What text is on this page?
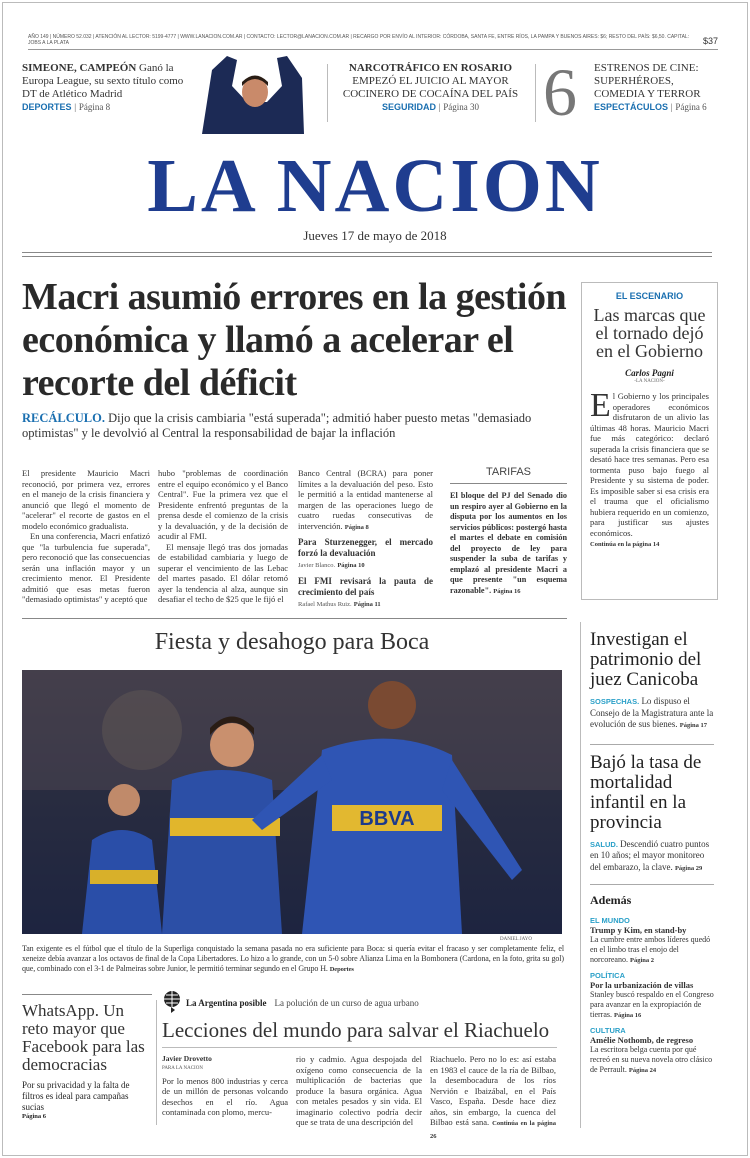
AÑO 149 | NÚMERO 52.032 | ATENCIÓN AL LECTOR: 5199-4777 | WWW.LANACION.COM.AR | CONTACTO: LECTOR@LANACION.COM.AR | RECARGO POR ENVÍO AL INTERIOR: CÓRDOBA, SANTA FE, ENTRE RÍOS, LA PAMPA Y BUENOS AIRES: $6; RESTO DEL PAÍS: $6,50. CAPITAL: JOBS A LA PLATA	$37
SIMEONE, CAMPEÓN Ganó la Europa League, su sexto título como DT de Atlético Madrid
DEPORTES | Página 8
NARCOTRÁFICO EN ROSARIO
EMPEZÓ EL JUICIO AL MAYOR COCINERO DE COCAÍNA DEL PAÍS
SEGURIDAD | Página 30 6 ESTRENOS DE CINE: SUPERHÉROES, COMEDIA Y TERROR
ESPECTÁCULOS | Página 6
LA NACION
Jueves 17 de mayo de 2018
Macri asumió errores en la gestión económica y llamó a acelerar el recorte del déficit
RECÁLCULO. Dijo que la crisis cambiaria "está superada"; admitió haber puesto metas "demasiado optimistas" y le devolvió al Central la responsabilidad de bajar la inflación

El presidente Mauricio Macri reconoció, por primera vez, errores en el manejo de la crisis financiera y anunció que llegó el momento de "acelerar" el recorte de gastos en el modelo económico gradualista.

En una conferencia, Macri enfatizó que "la turbulencia fue superada", pero reconoció que las consecuencias serán una inflación mayor y un crecimiento menor. El Presidente admitió que esas metas fueron "demasiado optimistas" y aceptó que

hubo "problemas de coordinación entre el equipo económico y el Banco Central". Fue la primera vez que el Presidente enfrentó preguntas de la prensa desde el comienzo de la crisis y la devaluación, y de la decisión de acudir al FMI.

El mensaje llegó tras dos jornadas de estabilidad cambiaria y luego de superar el vencimiento de las Lebac del martes pasado. El dólar retomó ayer la tendencia al alza, aunque sin desafiar el techo de $25 que le fijó el

Banco Central (BCRA) para poner límites a la devaluación del peso. Esto le permitió a la entidad mantenerse al margen de las operaciones luego de cuatro ruedas consecutivas de intervención. Página 8

Para Sturzenegger, el mercado forzó la devaluación

Javier Blanco. Página 10

El FMI revisará la pauta de crecimiento del país

Rafael Mathus Ruiz. Página 11

TARIFAS

El bloque del PJ del Senado dio un respiro ayer al Gobierno en la disputa por los aumentos en los servicios públicos: postergó hasta el martes el debate en comisión del proyecto de ley para suspender la suba de tarifas y emplazó al presidente Macri a que presente "un esquema razonable". Página 16

EL ESCENARIO
Las marcas que el tornado dejó en el Gobierno
Carlos Pagni
-LA NACION-
El Gobierno y los principales operadores económicos disfrutaron de un alivio las últimas 48 horas. Mauricio Macri fue más categórico: declaró superada la crisis financiera que se desató hace tres semanas. Pero esa tormenta puso bajo fuego al Presidente y su sistema de poder. Es imposible saber si esa crisis era el trauma que el oficialismo hubiera requerido en un comienzo, para justificar sus ajustes económicos.
Continúa en la página 14
Fiesta y desahogo para Boca
BBVA
DANIEL JAYO
Tan exigente es el fútbol que el título de la Superliga conquistado la semana pasada no era suficiente para Boca: si quería evitar el fracaso y ser completamente feliz, el xeneize debía avanzar a los octavos de final de la Copa Libertadores. Lo hizo a lo grande, con un 5-0 sobre Alianza Lima en la Bombonera (Cardona, en la foto, grita su gol) que, combinado con el 3-1 de Palmeiras sobre Junior, le permitió terminar segundo en el Grupo H. Deportes
WhatsApp. Un reto mayor que Facebook para las democracias
Por su privacidad y la falta de filtros es ideal para campañas sucias
Página 6
La Argentina posible La polución de un curso de agua urbano
Lecciones del mundo para salvar el Riachuelo
Javier Drovetto
PARA LA NACION
Por lo menos 800 industrias y cerca de un millón de personas volcando desechos en el río. Agua contaminada con plomo, mercu-
rio y cadmio. Agua despojada del oxígeno como consecuencia de la multiplicación de bacterias que produce la basura orgánica. Agua con metales pesados y sin vida. El imaginario colectivo podría decir que se trata de una descripción del
Riachuelo. Pero no lo es: así estaba en 1983 el cauce de la ría de Bilbao, la desembocadura de los ríos Nervión e Ibaizábal, en el País Vasco, España. Desde hace diez años, sin embargo, la cuenca del Bilbao está sana. Continúa en la página 26
Investigan el patrimonio del juez Canicoba

SOSPECHAS. Lo dispuso el Consejo de la Magistratura ante la evolución de sus bienes. Página 17

Bajó la tasa de mortalidad infantil en la provincia

SALUD. Descendió cuatro puntos en 10 años; el mayor monitoreo del embarazo, la clave. Página 29

Además
EL MUNDO

Trump y Kim, en stand-by

La cumbre entre ambos líderes quedó en el limbo tras el enojo del norcoreano. Página 2

POLÍTICA

Por la urbanización de villas

Stanley buscó respaldo en el Congreso para avanzar en la expropiación de tierras. Página 16

CULTURA

Amélie Nothomb, de regreso

La escritora belga cuenta por qué recreó en su nueva novela otro clásico de Perrault. Página 24
